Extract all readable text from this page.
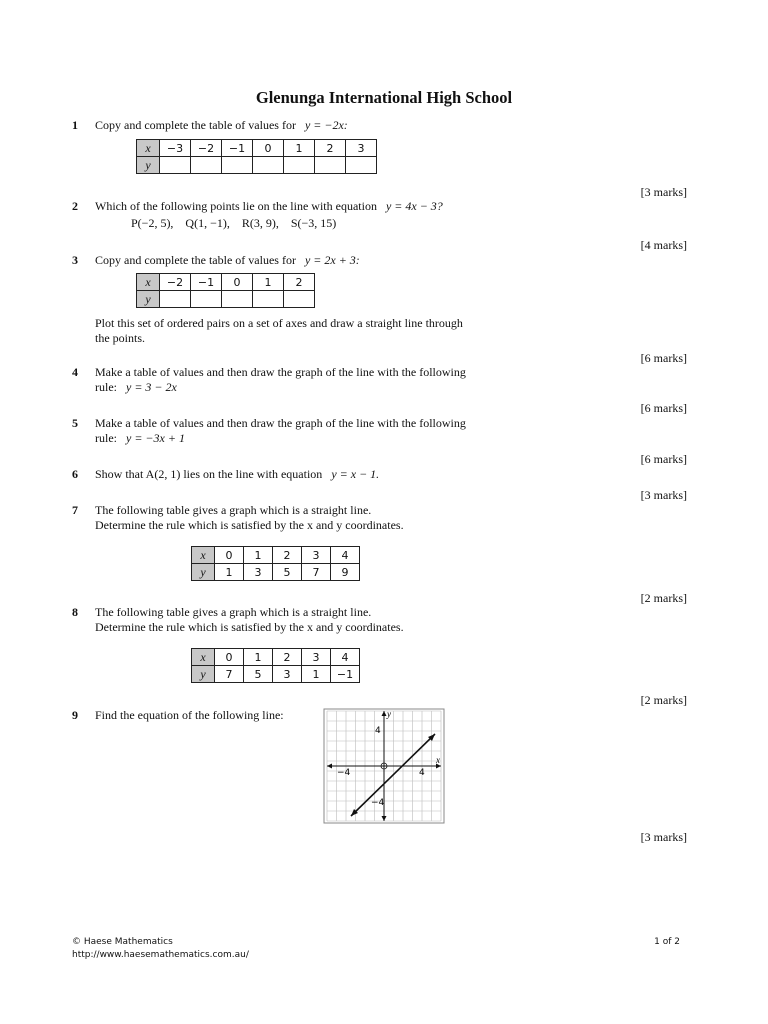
Glenunga International High School
1 Copy and complete the table of values for y = −2x:
x	−3	−2	−1	0	1	2	3
y							
[3 marks]
2 Which of the following points lie on the line with equation y = 4x − 3?
P(−2, 5),    Q(1, −1),    R(3, 9),    S(−3, 15)
[4 marks]
3 Copy and complete the table of values for y = 2x + 3:
x	−2	−1	0	1	2
y					
Plot this set of ordered pairs on a set of axes and draw a straight line through
the points.
[6 marks]
4 Make a table of values and then draw the graph of the line with the following
rule: y = 3 − 2x
[6 marks]
5 Make a table of values and then draw the graph of the line with the following
rule: y = −3x + 1
[6 marks]
6 Show that A(2, 1) lies on the line with equation y = x − 1.
[3 marks]
7 The following table gives a graph which is a straight line.
Determine the rule which is satisfied by the x and y coordinates.
x	0	1	2	3	4
y	1	3	5	7	9
[2 marks]
8 The following table gives a graph which is a straight line.
Determine the rule which is satisfied by the x and y coordinates.
x	0	1	2	3	4
y	7	5	3	1	−1
[2 marks]
9 Find the equation of the following line:	y
x
4
−4
−4	4
[3 marks]
© Haese Mathematics
http://www.haesemathematics.com.au/
1 of 2
